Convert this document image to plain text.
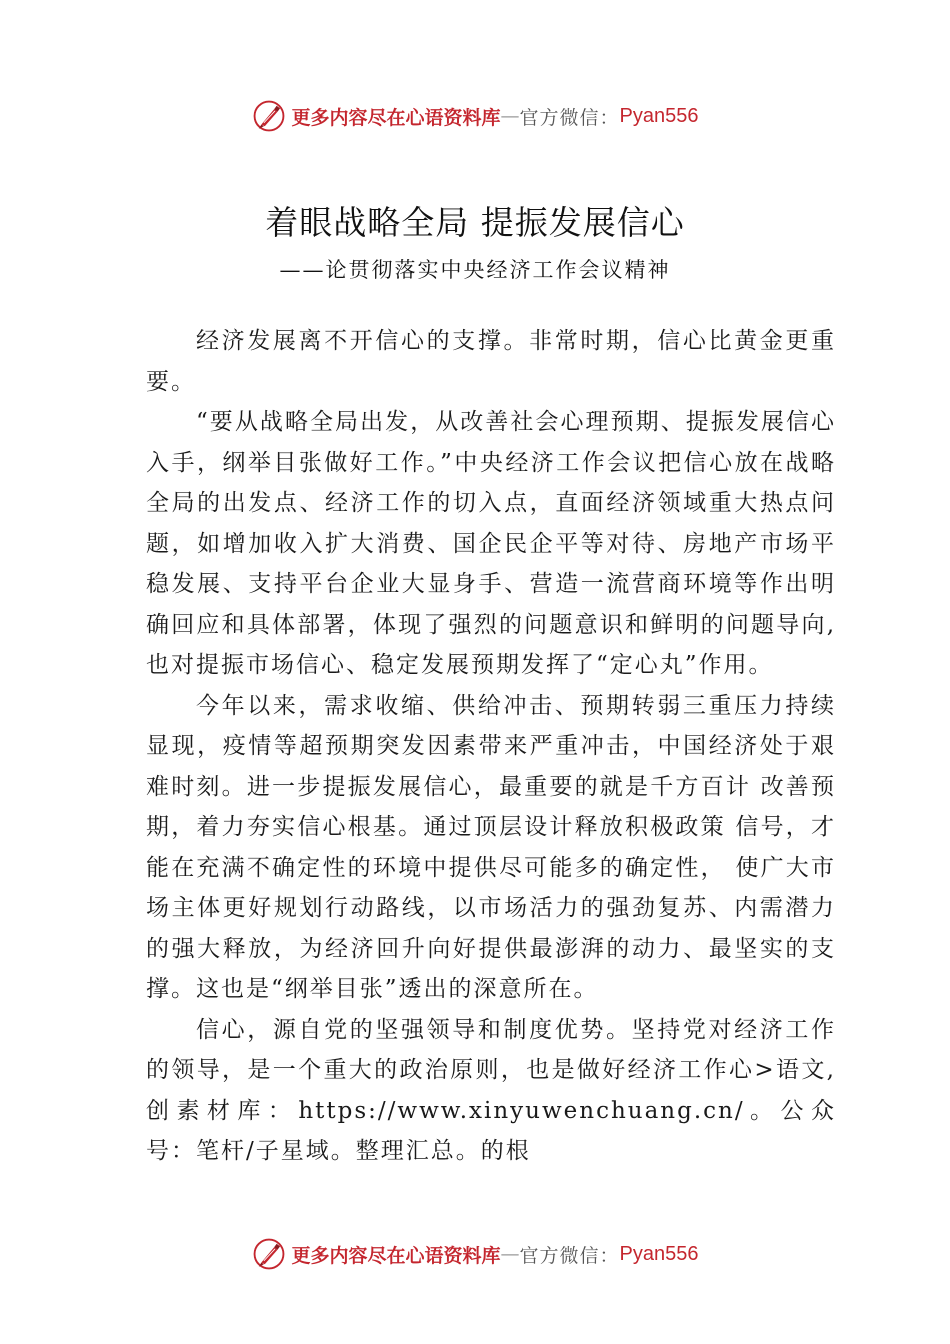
更多内容尽在心语资料库 — 官方微信： Pyan556
着眼战略全局 提振发展信心
——论贯彻落实中央经济工作会议精神

经济发展离不开信心的支撑。非常时期，信心比黄金更重要。

“要从战略全局出发，从改善社会心理预期、提振发展信心入手，纲举目张做好工作。”中央经济工作会议把信心放在战略全局的出发点、经济工作的切入点，直面经济领域重大热点问题，如增加收入扩大消费、国企民企平等对待、房地产市场平稳发展、支持平台企业大显身手、营造一流营商环境等作出明确回应和具体部署，体现了强烈的问题意识和鲜明的问题导向,也对提振市场信心、稳定发展预期发挥了“定心丸”作用。

今年以来，需求收缩、供给冲击、预期转弱三重压力持续显现，疫情等超预期突发因素带来严重冲击，中国经济处于艰难时刻。进一步提振发展信心，最重要的就是千方百计 改善预期，着力夯实信心根基。通过顶层设计释放积极政策 信号，才能在充满不确定性的环境中提供尽可能多的确定性， 使广大市场主体更好规划行动路线，以市场活力的强劲复苏、内需潜力的强大释放，为经济回升向好提供最澎湃的动力、最坚实的支撑。这也是“纲举目张”透出的深意所在。

信心，源自党的坚强领导和制度优势。坚持党对经济工作的领导，是一个重大的政治原则，也是做好经济工作心>语文,创素材库：https://www.xinyuwenchuang.cn/。公众号：笔杆/子星域。整理汇总。的根

更多内容尽在心语资料库 — 官方微信： Pyan556
